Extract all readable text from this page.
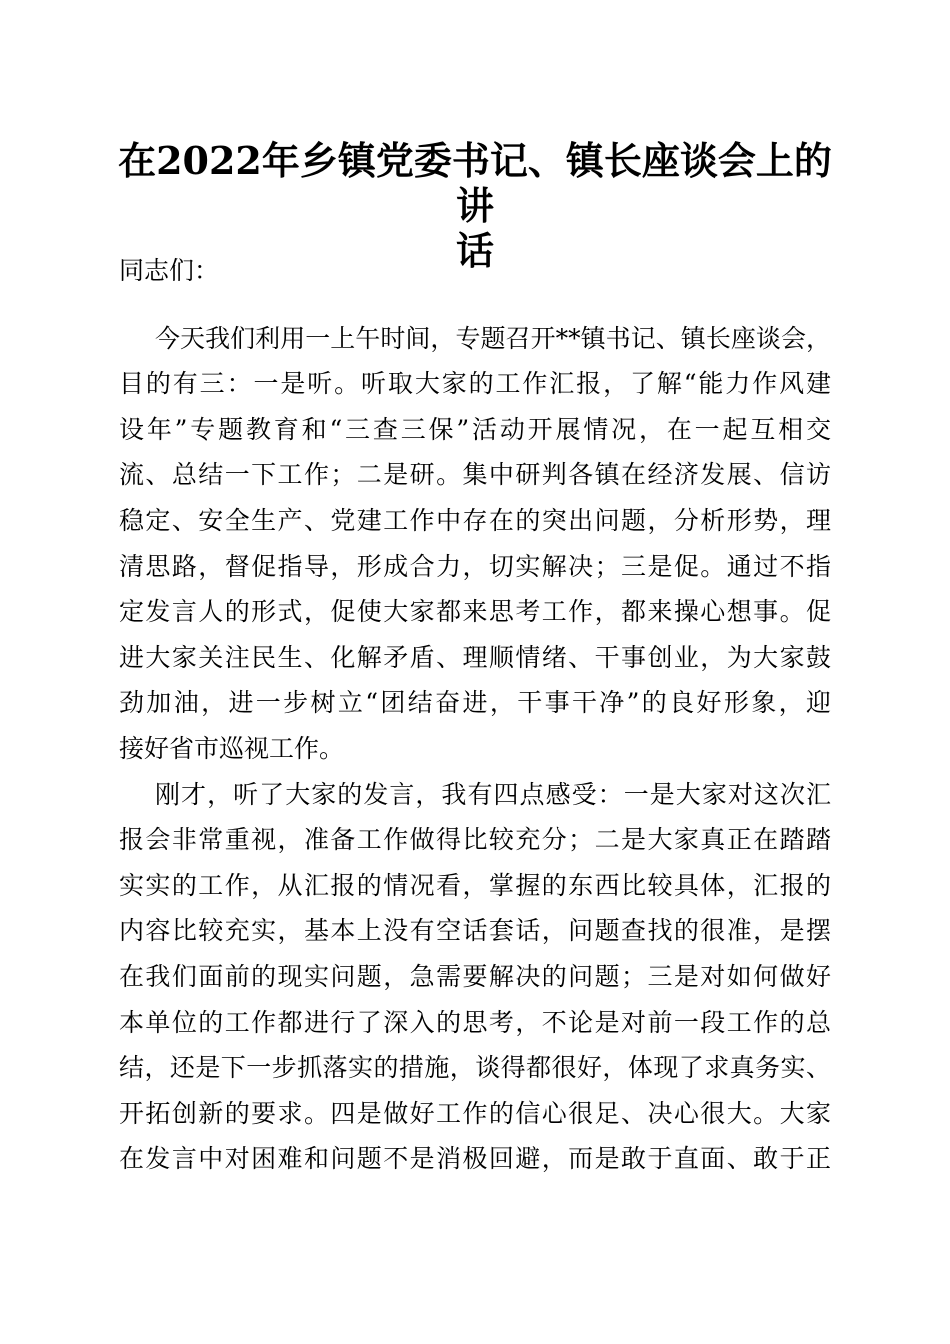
在2022年乡镇党委书记、镇长座谈会上的讲
话
同志们：
今天我们利用一上午时间，专题召开**镇书记、镇长座谈会，
目的有三：一是听。听取大家的工作汇报，了解“能力作风建
设年”专题教育和“三查三保”活动开展情况，在一起互相交
流、总结一下工作；二是研。集中研判各镇在经济发展、信访
稳定、安全生产、党建工作中存在的突出问题，分析形势，理
清思路，督促指导，形成合力，切实解决；三是促。通过不指
定发言人的形式，促使大家都来思考工作，都来操心想事。促
进大家关注民生、化解矛盾、理顺情绪、干事创业，为大家鼓
劲加油，进一步树立“团结奋进，干事干净”的良好形象，迎
接好省市巡视工作。
刚才，听了大家的发言，我有四点感受：一是大家对这次汇
报会非常重视，准备工作做得比较充分；二是大家真正在踏踏
实实的工作，从汇报的情况看，掌握的东西比较具体，汇报的
内容比较充实，基本上没有空话套话，问题查找的很准，是摆
在我们面前的现实问题，急需要解决的问题；三是对如何做好
本单位的工作都进行了深入的思考，不论是对前一段工作的总
结，还是下一步抓落实的措施，谈得都很好，体现了求真务实、
开拓创新的要求。四是做好工作的信心很足、决心很大。大家
在发言中对困难和问题不是消极回避，而是敢于直面、敢于正
